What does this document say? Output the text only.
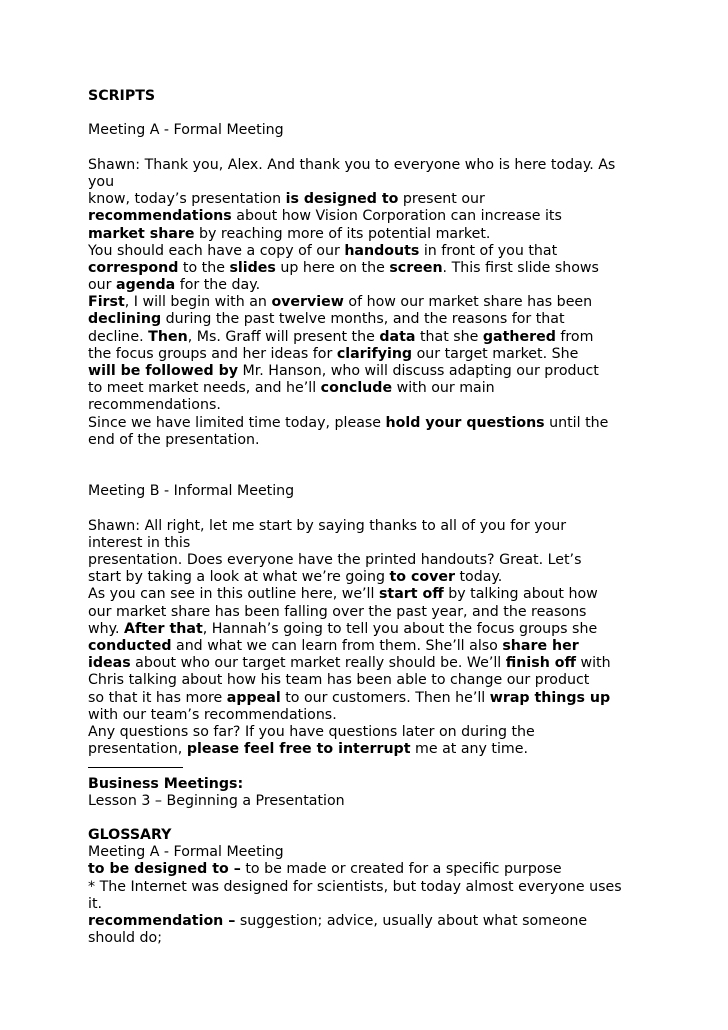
SCRIPTS
Meeting A - Formal Meeting
Shawn: Thank you, Alex. And thank you to everyone who is here today. As
you
know, today’s presentation is designed to present our
recommendations about how Vision Corporation can increase its
market share by reaching more of its potential market.
You should each have a copy of our handouts in front of you that
correspond to the slides up here on the screen. This first slide shows
our agenda for the day.
First, I will begin with an overview of how our market share has been
declining during the past twelve months, and the reasons for that
decline. Then, Ms. Graff will present the data that she gathered from
the focus groups and her ideas for clarifying our target market. She
will be followed by Mr. Hanson, who will discuss adapting our product
to meet market needs, and he’ll conclude with our main
recommendations.
Since we have limited time today, please hold your questions until the
end of the presentation.
Meeting B - Informal Meeting
Shawn: All right, let me start by saying thanks to all of you for your
interest in this
presentation. Does everyone have the printed handouts? Great. Let’s
start by taking a look at what we’re going to cover today.
As you can see in this outline here, we’ll start off by talking about how
our market share has been falling over the past year, and the reasons
why. After that, Hannah’s going to tell you about the focus groups she
conducted and what we can learn from them. She’ll also share her
ideas about who our target market really should be. We’ll finish off with
Chris talking about how his team has been able to change our product
so that it has more appeal to our customers. Then he’ll wrap things up
with our team’s recommendations.
Any questions so far? If you have questions later on during the
presentation, please feel free to interrupt me at any time.
Business Meetings:
Lesson 3 – Beginning a Presentation
GLOSSARY
Meeting A - Formal Meeting
to be designed to – to be made or created for a specific purpose
* The Internet was designed for scientists, but today almost everyone uses
it.
recommendation – suggestion; advice, usually about what someone
should do;
